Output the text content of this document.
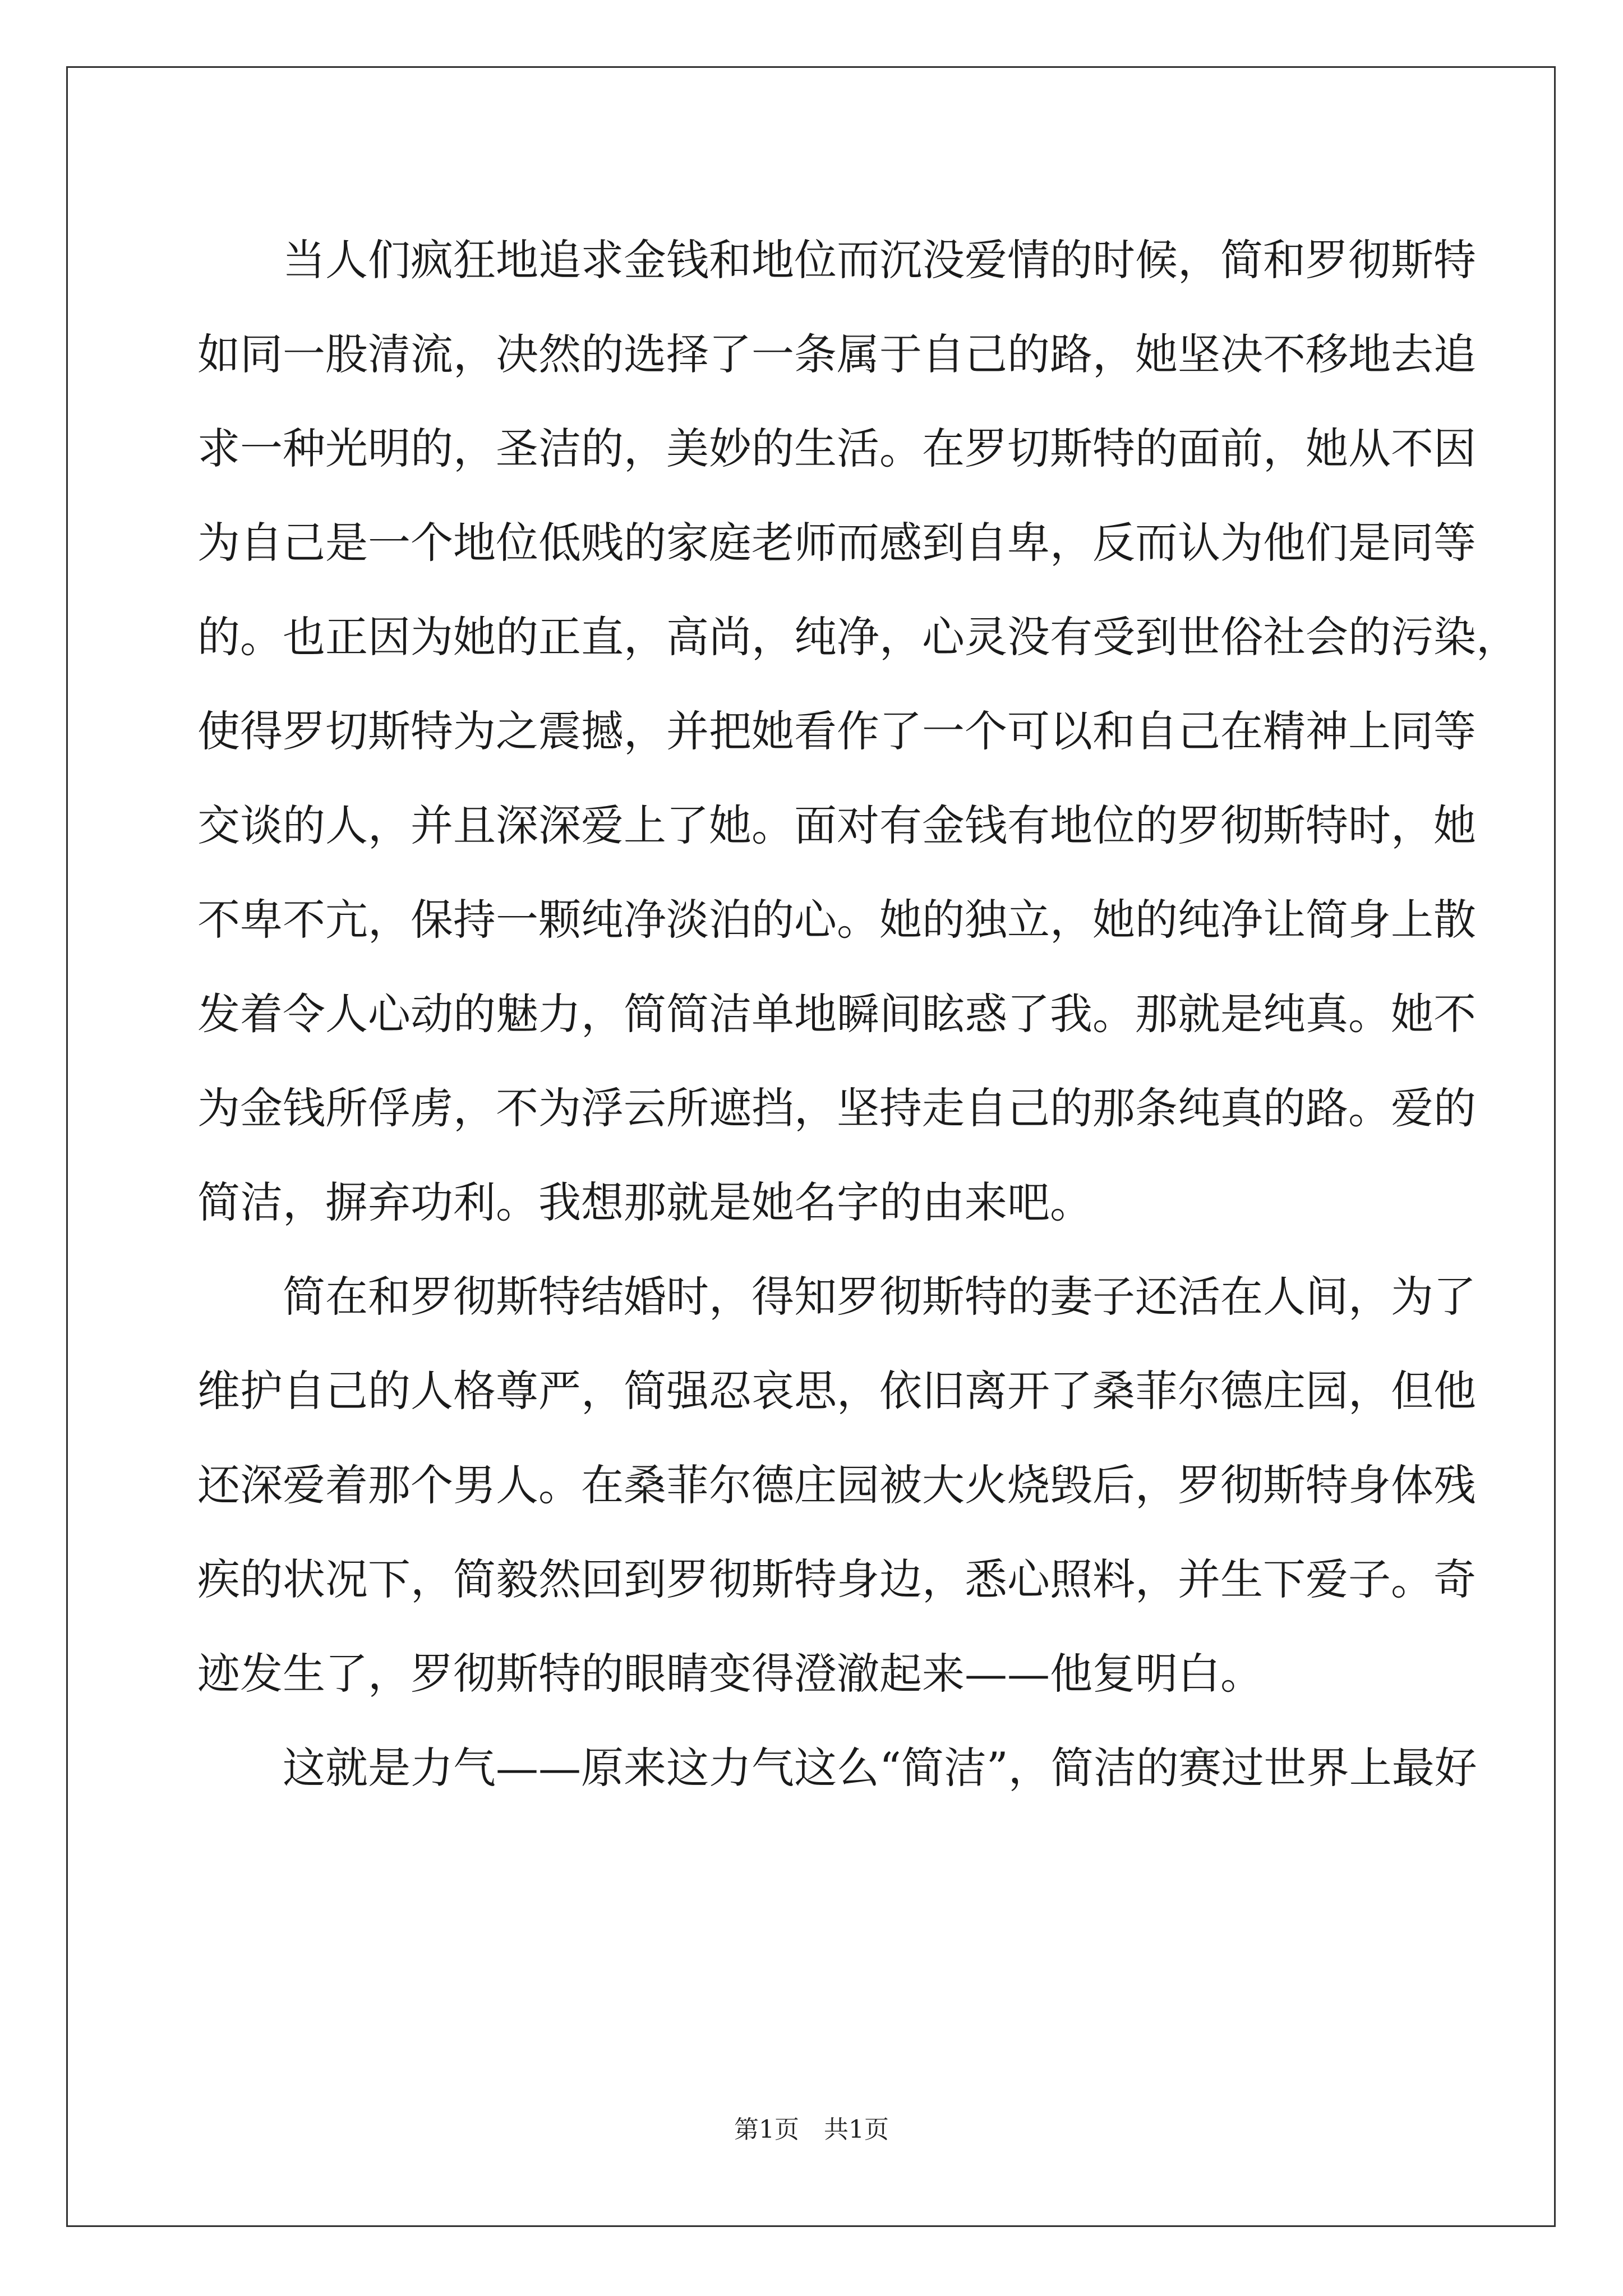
当人们疯狂地追求金钱和地位而沉没爱情的时候，简和罗彻斯特
如同一股清流，决然的选择了一条属于自己的路，她坚决不移地去追
求一种光明的，圣洁的，美妙的生活。在罗切斯特的面前，她从不因
为自己是一个地位低贱的家庭老师而感到自卑，反而认为他们是同等
的。也正因为她的正直，高尚，纯净，心灵没有受到世俗社会的污染，
使得罗切斯特为之震撼，并把她看作了一个可以和自己在精神上同等
交谈的人，并且深深爱上了她。面对有金钱有地位的罗彻斯特时，她
不卑不亢，保持一颗纯净淡泊的心。她的独立，她的纯净让简身上散
发着令人心动的魅力，简简洁单地瞬间眩惑了我。那就是纯真。她不
为金钱所俘虏，不为浮云所遮挡，坚持走自己的那条纯真的路。爱的
简洁，摒弃功利。我想那就是她名字的由来吧。
简在和罗彻斯特结婚时，得知罗彻斯特的妻子还活在人间，为了
维护自己的人格尊严，简强忍哀思，依旧离开了桑菲尔德庄园，但他
还深爱着那个男人。在桑菲尔德庄园被大火烧毁后，罗彻斯特身体残
疾的状况下，简毅然回到罗彻斯特身边，悉心照料，并生下爱子。奇
迹发生了，罗彻斯特的眼睛变得澄澈起来——他复明白。
这就是力气——原来这力气这么“简洁”，简洁的赛过世界上最好
第1页　共1页
